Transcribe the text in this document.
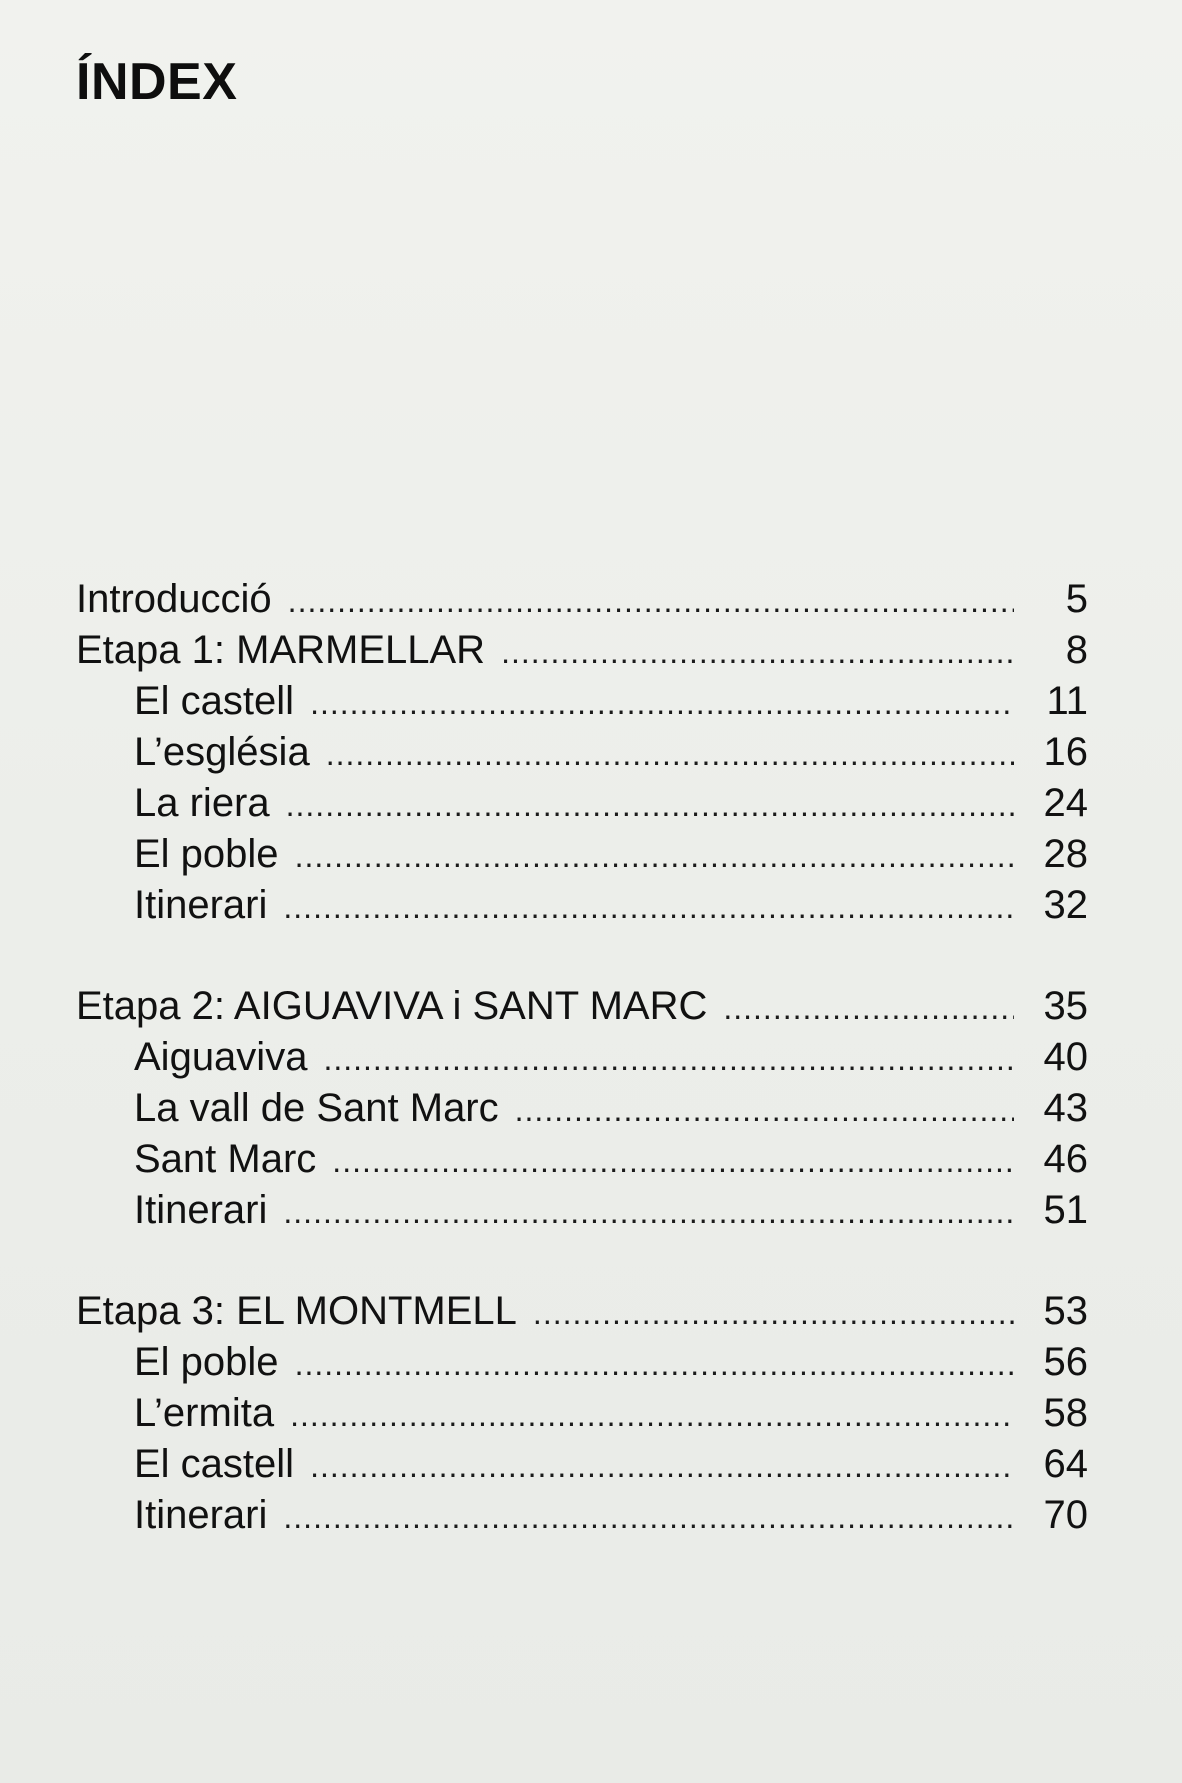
ÍNDEX
Introducció .....	5
Etapa 1: MARMELLAR .....	8
El castell .....	11
L’església .....	16
La riera .....	24
El poble .....	28
Itinerari .....	32
Etapa 2: AIGUAVIVA i SANT MARC .....	35
Aiguaviva .....	40
La vall de Sant Marc .....	43
Sant Marc .....	46
Itinerari .....	51
Etapa 3: EL MONTMELL .....	53
El poble .....	56
L’ermita .....	58
El castell .....	64
Itinerari .....	70
